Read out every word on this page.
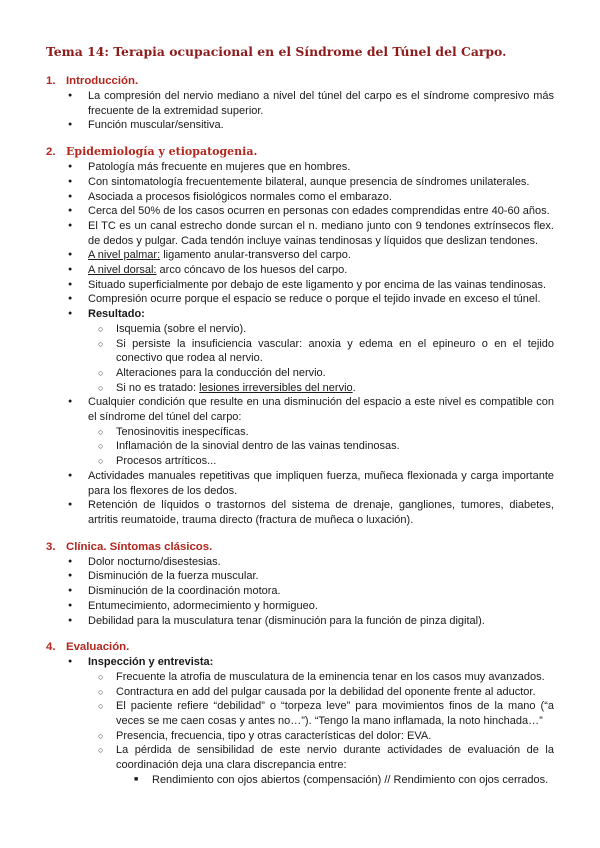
Tema 14: Terapia ocupacional en el Síndrome del Túnel del Carpo.
1. Introducción.
● La compresión del nervio mediano a nivel del túnel del carpo es el síndrome compresivo más frecuente de la extremidad superior.
● Función muscular/sensitiva.
2. Epidemiología y etiopatogenia.
● Patología más frecuente en mujeres que en hombres.
● Con sintomatología frecuentemente bilateral, aunque presencia de síndromes unilaterales.
● Asociada a procesos fisiológicos normales como el embarazo.
● Cerca del 50% de los casos ocurren en personas con edades comprendidas entre 40-60 años.
● El TC es un canal estrecho donde surcan el n. mediano junto con 9 tendones extrínsecos flex. de dedos y pulgar. Cada tendón incluye vainas tendinosas y líquidos que deslizan tendones.
● A nivel palmar: ligamento anular-transverso del carpo.
● A nivel dorsal: arco cóncavo de los huesos del carpo.
● Situado superficialmente por debajo de este ligamento y por encima de las vainas tendinosas.
● Compresión ocurre porque el espacio se reduce o porque el tejido invade en exceso el túnel.
● Resultado:
○ Isquemia (sobre el nervio).
○ Si persiste la insuficiencia vascular: anoxia y edema en el epineuro o en el tejido conectivo que rodea al nervio.
○ Alteraciones para la conducción del nervio.
○ Si no es tratado: lesiones irreversibles del nervio.
● Cualquier condición que resulte en una disminución del espacio a este nivel es compatible con el síndrome del túnel del carpo:
○ Tenosinovitis inespecíficas.
○ Inflamación de la sinovial dentro de las vainas tendinosas.
○ Procesos artríticos...
● Actividades manuales repetitivas que impliquen fuerza, muñeca flexionada y carga importante para los flexores de los dedos.
● Retención de líquidos o trastornos del sistema de drenaje, gangliones, tumores, diabetes, artritis reumatoide, trauma directo (fractura de muñeca o luxación).
3. Clínica. Síntomas clásicos.
● Dolor nocturno/disestesias.
● Disminución de la fuerza muscular.
● Disminución de la coordinación motora.
● Entumecimiento, adormecimiento y hormigueo.
● Debilidad para la musculatura tenar (disminución para la función de pinza digital).
4. Evaluación.
● Inspección y entrevista:
○ Frecuente la atrofia de musculatura de la eminencia tenar en los casos muy avanzados.
○ Contractura en add del pulgar causada por la debilidad del oponente frente al aductor.
○ El paciente refiere “debilidad” o “torpeza leve” para movimientos finos de la mano (“a veces se me caen cosas y antes no…”). “Tengo la mano inflamada, la noto hinchada…”
○ Presencia, frecuencia, tipo y otras características del dolor: EVA.
○ La pérdida de sensibilidad de este nervio durante actividades de evaluación de la coordinación deja una clara discrepancia entre:
■ Rendimiento con ojos abiertos (compensación) // Rendimiento con ojos cerrados.
